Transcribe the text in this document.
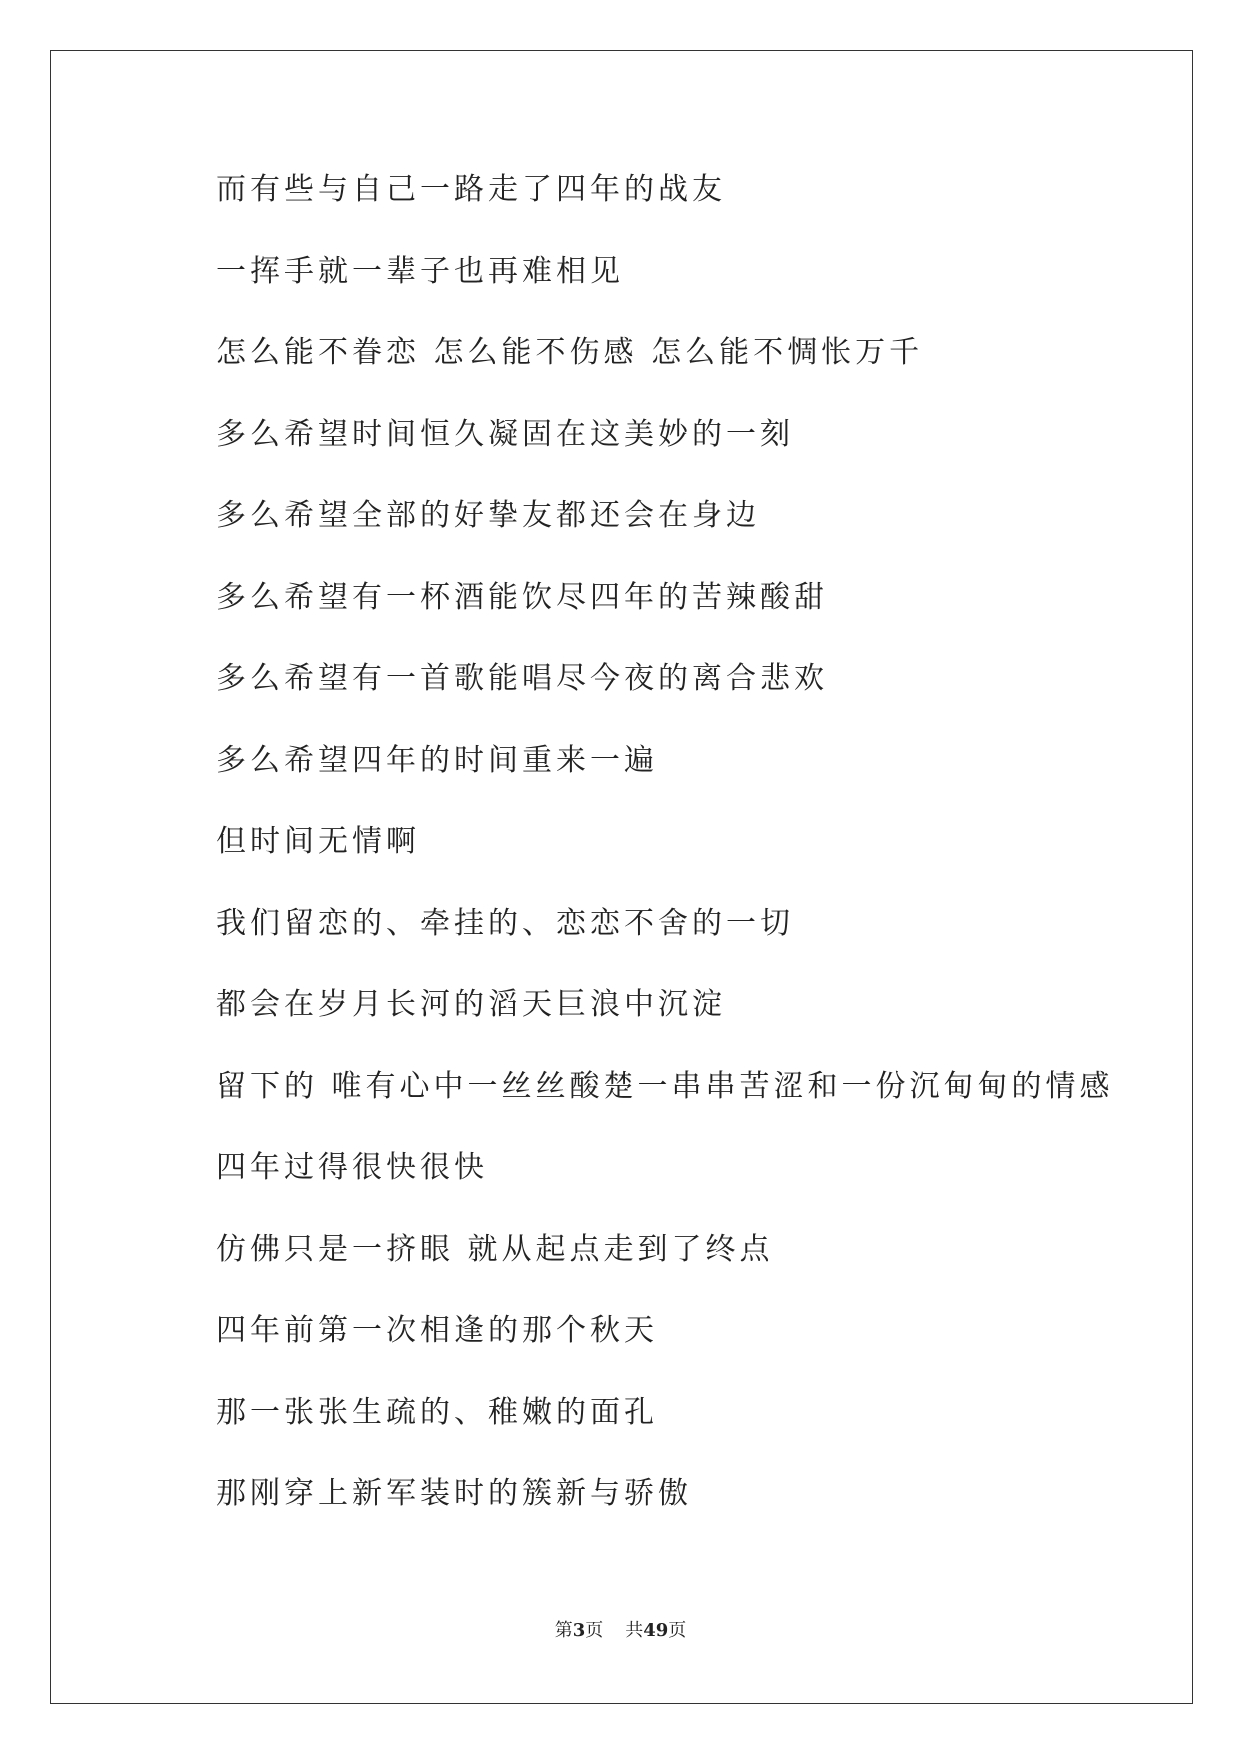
而有些与自己一路走了四年的战友
一挥手就一辈子也再难相见
怎么能不眷恋 怎么能不伤感 怎么能不惆怅万千
多么希望时间恒久凝固在这美妙的一刻
多么希望全部的好挚友都还会在身边
多么希望有一杯酒能饮尽四年的苦辣酸甜
多么希望有一首歌能唱尽今夜的离合悲欢
多么希望四年的时间重来一遍
但时间无情啊
我们留恋的、牵挂的、恋恋不舍的一切
都会在岁月长河的滔天巨浪中沉淀
留下的 唯有心中一丝丝酸楚一串串苦涩和一份沉甸甸的情感
四年过得很快很快
仿佛只是一挤眼 就从起点走到了终点
四年前第一次相逢的那个秋天
那一张张生疏的、稚嫩的面孔
那刚穿上新军装时的簇新与骄傲
第3页 共49页
